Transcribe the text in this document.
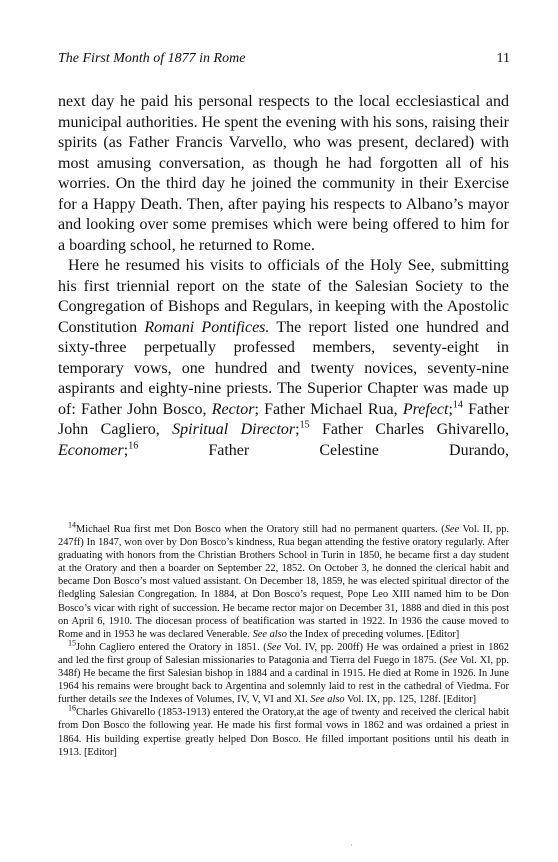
The First Month of 1877 in Rome	11

next day he paid his personal respects to the local ecclesiastical and municipal authorities. He spent the evening with his sons, raising their spirits (as Father Francis Varvello, who was present, declared) with most amusing conversation, as though he had forgotten all of his worries. On the third day he joined the community in their Exercise for a Happy Death. Then, after paying his respects to Albano’s mayor and looking over some premises which were being offered to him for a boarding school, he returned to Rome.

Here he resumed his visits to officials of the Holy See, submitting his first triennial report on the state of the Salesian Society to the Congregation of Bishops and Regulars, in keeping with the Apostolic Constitution Romani Pontifices. The report listed one hundred and sixty-three perpetually professed members, seventy-eight in temporary vows, one hundred and twenty novices, seventy-nine aspirants and eighty-nine priests. The Superior Chapter was made up of: Father John Bosco, Rector; Father Michael Rua, Prefect;$^{14}$ Father John Cagliero, Spiritual Director;$^{15}$ Father Charles Ghivarello, Economer;$^{16}$ Father Celestine Durando,

$^{14}$Michael Rua first met Don Bosco when the Oratory still had no permanent quarters. (See Vol. II, pp. 247ff) In 1847, won over by Don Bosco’s kindness, Rua began attending the festive oratory regularly. After graduating with honors from the Christian Brothers School in Turin in 1850, he became first a day student at the Oratory and then a boarder on September 22, 1852. On October 3, he donned the clerical habit and became Don Bosco’s most valued assistant. On December 18, 1859, he was elected spiritual director of the fledgling Salesian Congregation. In 1884, at Don Bosco’s request, Pope Leo XIII named him to be Don Bosco’s vicar with right of succession. He became rector major on December 31, 1888 and died in this post on April 6, 1910. The diocesan process of beatification was started in 1922. In 1936 the cause moved to Rome and in 1953 he was declared Venerable. See also the Index of preceding volumes. [Editor]

$^{15}$John Cagliero entered the Oratory in 1851. (See Vol. IV, pp. 200ff) He was ordained a priest in 1862 and led the first group of Salesian missionaries to Patagonia and Tierra del Fuego in 1875. (See Vol. XI, pp. 348f) He became the first Salesian bishop in 1884 and a cardinal in 1915. He died at Rome in 1926. In June 1964 his remains were brought back to Argentina and solemnly laid to rest in the cathedral of Viedma. For further details see the Indexes of Volumes, IV, V, VI and XI. See also Vol. IX, pp. 125, 128f. [Editor]

$^{16}$Charles Ghivarello (1853-1913) entered the Oratory,at the age of twenty and received the clerical habit from Don Bosco the following year. He made his first formal vows in 1862 and was ordained a priest in 1864. His building expertise greatly helped Don Bosco. He filled important positions until his death in 1913. [Editor]

·
